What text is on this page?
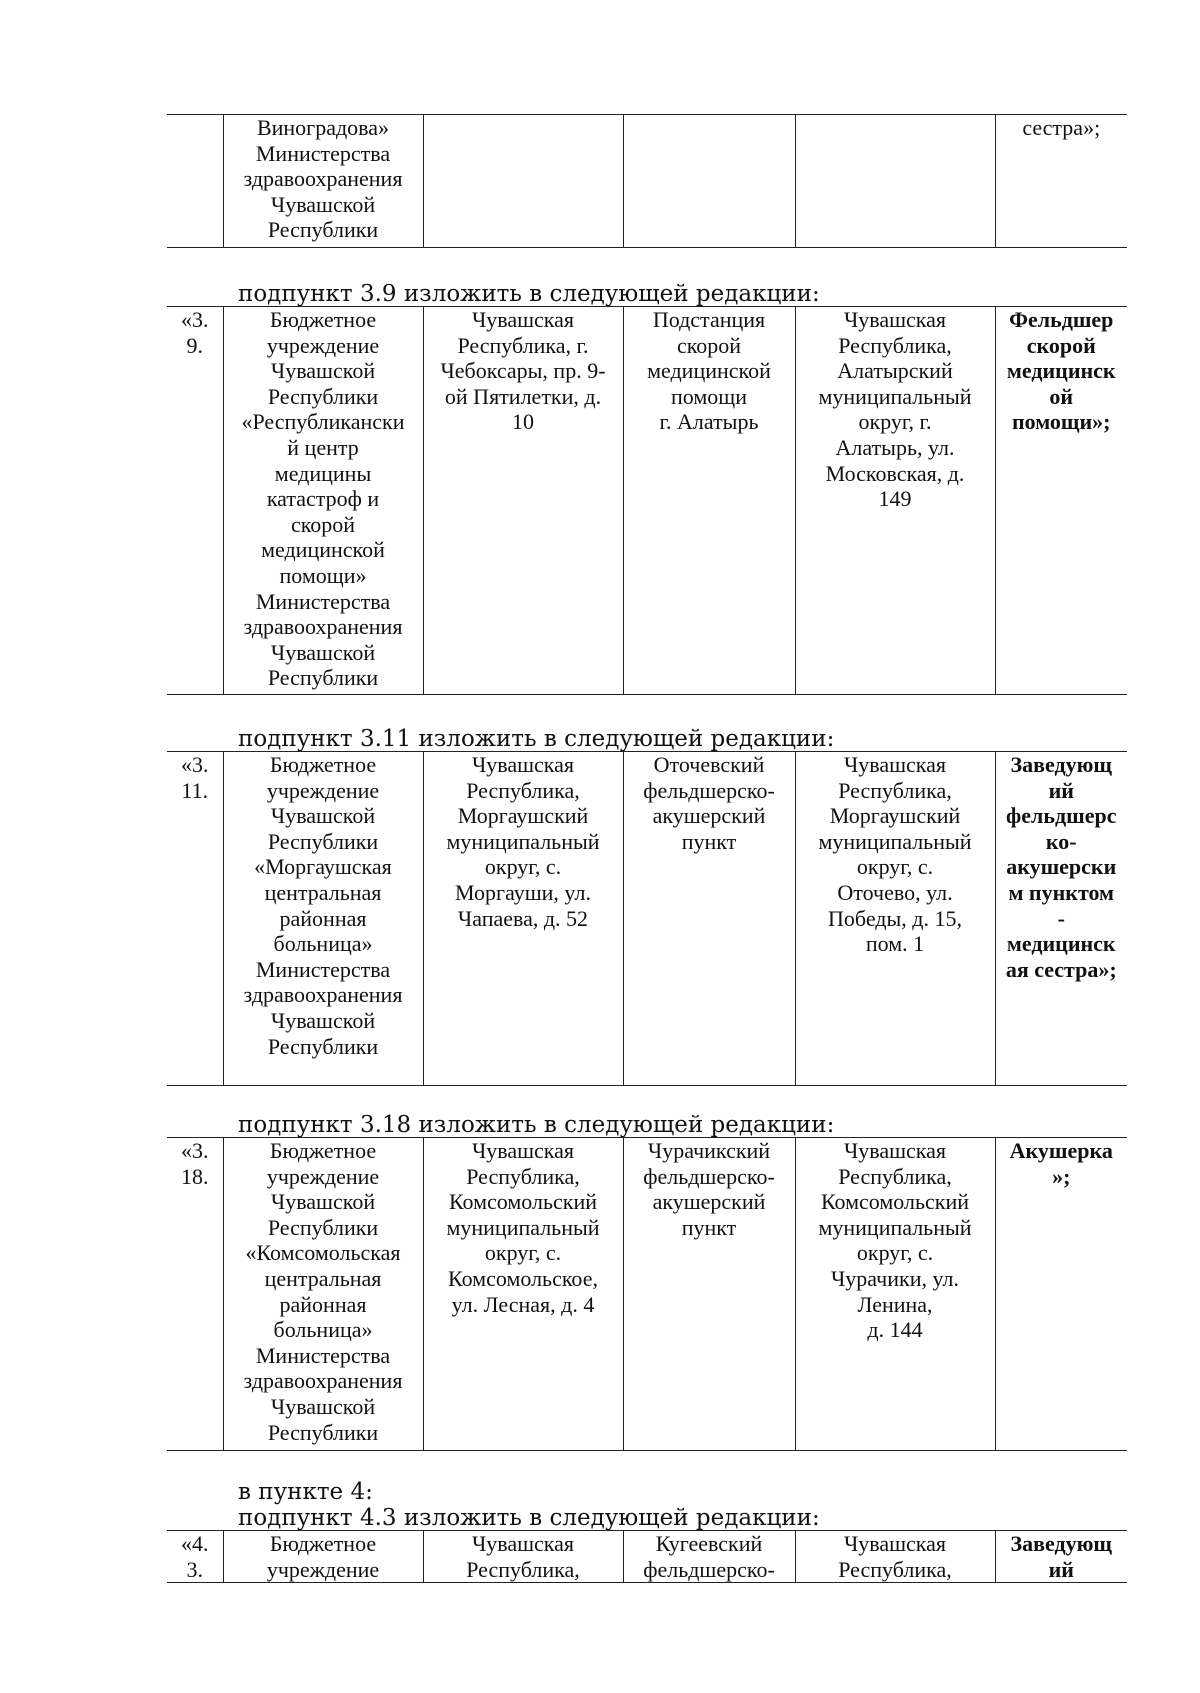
	Виноградова»
Министерства
здравоохранения
Чувашской
Республики				сестра»;
подпункт 3.9 изложить в следующей редакции:
«3.
9.	Бюджетное
учреждение
Чувашской
Республики
«Республикански
й центр
медицины
катастроф и
скорой
медицинской
помощи»
Министерства
здравоохранения
Чувашской
Республики	Чувашская
Республика, г.
Чебоксары, пр. 9-
ой Пятилетки, д.
10	Подстанция
скорой
медицинской
помощи
г. Алатырь	Чувашская
Республика,
Алатырский
муниципальный
округ, г.
Алатырь, ул.
Московская, д.
149	Фельдшер
скорой
медицинск
ой
помощи»;
подпункт 3.11 изложить в следующей редакции:
«3.
11.	Бюджетное
учреждение
Чувашской
Республики
«Моргаушская
центральная
районная
больница»
Министерства
здравоохранения
Чувашской
Республики	Чувашская
Республика,
Моргаушский
муниципальный
округ, с.
Моргауши, ул.
Чапаева, д. 52	Оточевский
фельдшерско-
акушерский
пункт	Чувашская
Республика,
Моргаушский
муниципальный
округ, с.
Оточево, ул.
Победы, д. 15,
пом. 1	Заведующ
ий
фельдшерс
ко-
акушерски
м пунктом
-
медицинск
ая сестра»;
подпункт 3.18 изложить в следующей редакции:
«3.
18.	Бюджетное
учреждение
Чувашской
Республики
«Комсомольская
центральная
районная
больница»
Министерства
здравоохранения
Чувашской
Республики	Чувашская
Республика,
Комсомольский
муниципальный
округ, с.
Комсомольское,
ул. Лесная, д. 4	Чурачикский
фельдшерско-
акушерский
пункт	Чувашская
Республика,
Комсомольский
муниципальный
округ, с.
Чурачики, ул.
Ленина,
д. 144	Акушерка
»;
в пункте 4:
подпункт 4.3 изложить в следующей редакции:
«4.
3.	Бюджетное
учреждение	Чувашская
Республика,	Кугеевский
фельдшерско-	Чувашская
Республика,	Заведующ
ий
